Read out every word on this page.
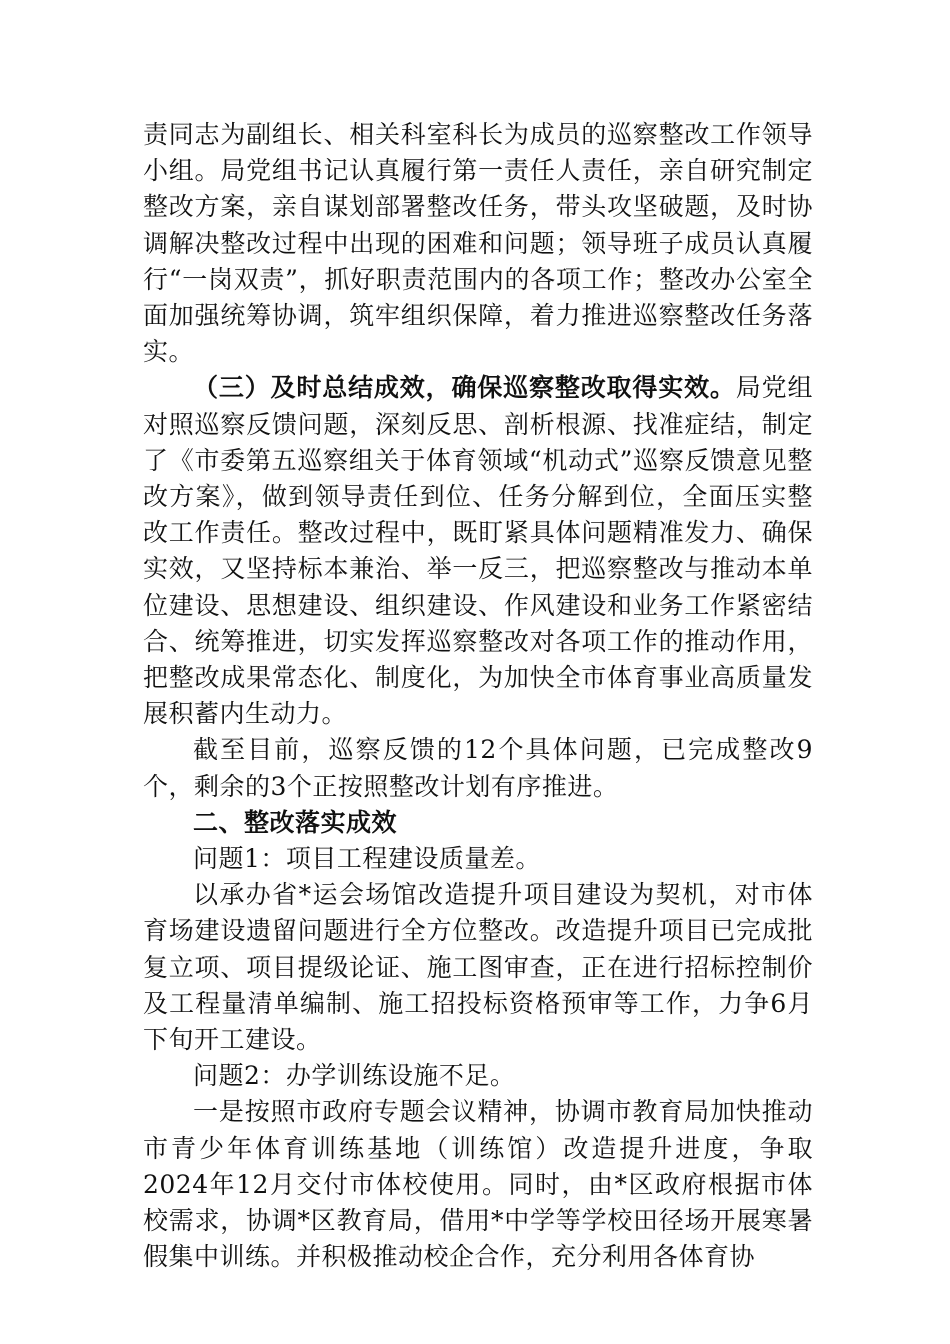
责同志为副组长、相关科室科长为成员的巡察整改工作领导小组。局党组书记认真履行第一责任人责任，亲自研究制定整改方案，亲自谋划部署整改任务，带头攻坚破题，及时协调解决整改过程中出现的困难和问题；领导班子成员认真履行“一岗双责”，抓好职责范围内的各项工作；整改办公室全面加强统筹协调，筑牢组织保障，着力推进巡察整改任务落实。

（三）及时总结成效，确保巡察整改取得实效。局党组对照巡察反馈问题，深刻反思、剖析根源、找准症结，制定了《市委第五巡察组关于体育领域“机动式”巡察反馈意见整改方案》，做到领导责任到位、任务分解到位，全面压实整改工作责任。整改过程中，既盯紧具体问题精准发力、确保实效，又坚持标本兼治、举一反三，把巡察整改与推动本单位建设、思想建设、组织建设、作风建设和业务工作紧密结合、统筹推进，切实发挥巡察整改对各项工作的推动作用，把整改成果常态化、制度化，为加快全市体育事业高质量发展积蓄内生动力。

截至目前，巡察反馈的12个具体问题，已完成整改9个，剩余的3个正按照整改计划有序推进。

二、整改落实成效

问题1：项目工程建设质量差。

以承办省*运会场馆改造提升项目建设为契机，对市体育场建设遗留问题进行全方位整改。改造提升项目已完成批复立项、项目提级论证、施工图审查，正在进行招标控制价及工程量清单编制、施工招投标资格预审等工作，力争6月下旬开工建设。

问题2：办学训练设施不足。

一是按照市政府专题会议精神，协调市教育局加快推动市青少年体育训练基地（训练馆）改造提升进度，争取2024年12月交付市体校使用。同时，由*区政府根据市体校需求，协调*区教育局，借用*中学等学校田径场开展寒暑假集中训练。并积极推动校企合作，充分利用各体育协
